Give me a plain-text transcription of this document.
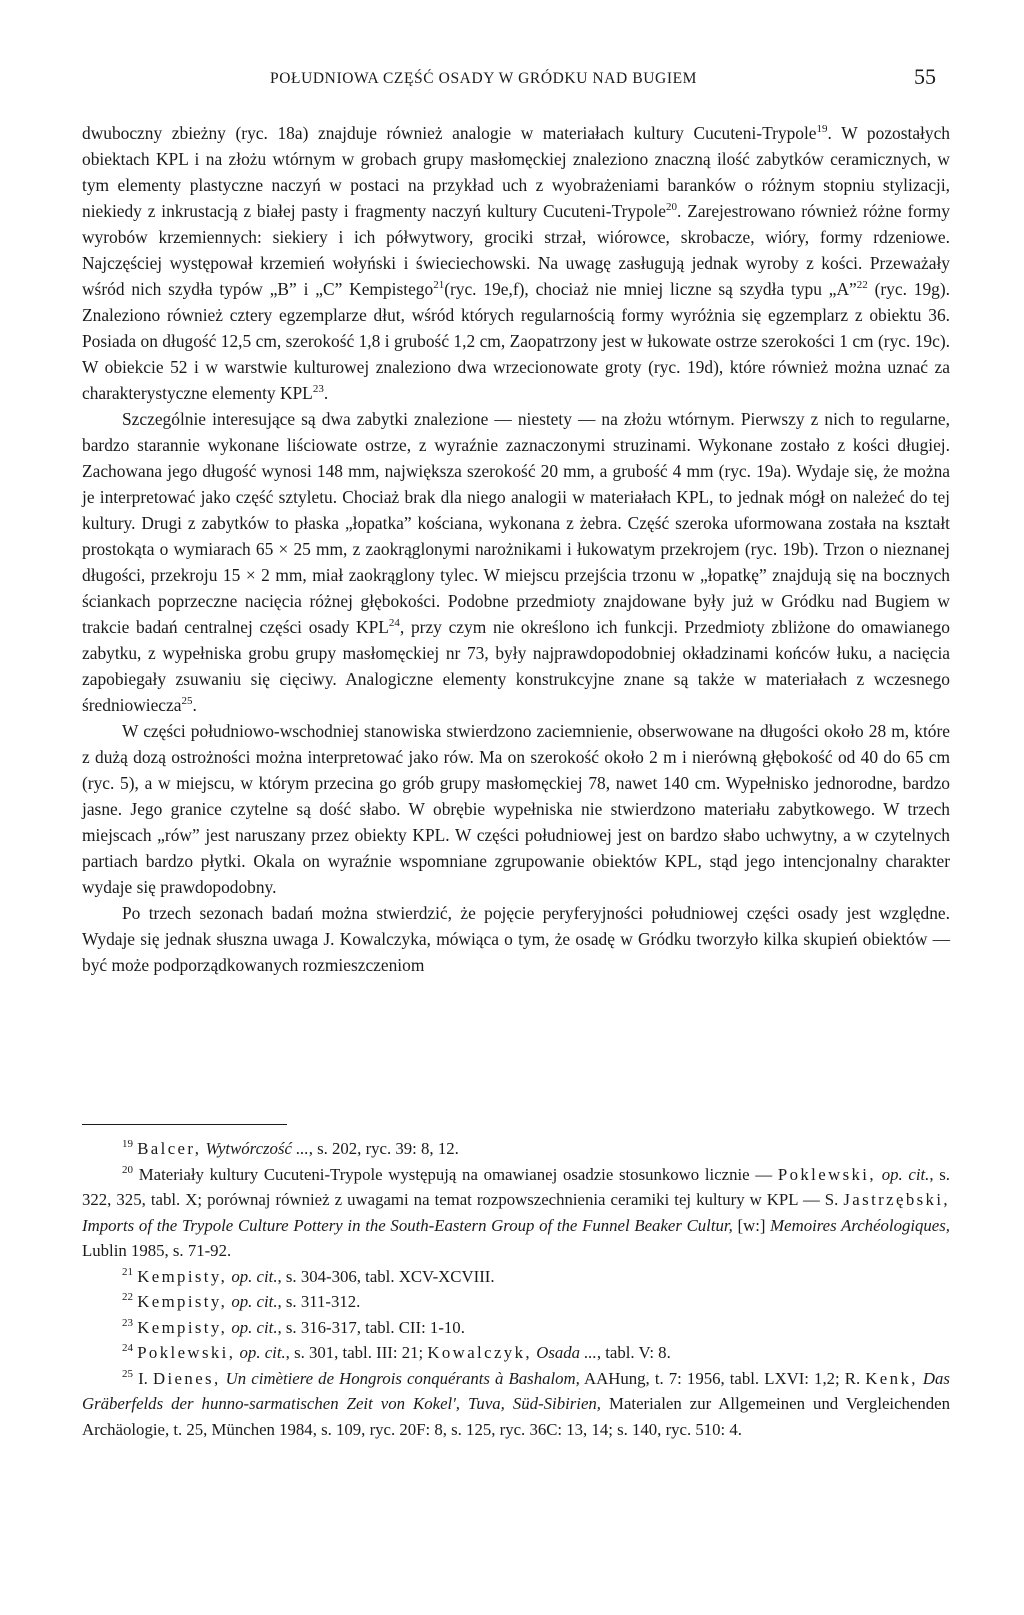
POŁUDNIOWA CZĘŚĆ OSADY W GRÓDKU NAD BUGIEM	55

dwuboczny zbieżny (ryc. 18a) znajduje również analogie w materiałach kultury Cucuteni-Trypole$^{19}$. W pozostałych obiektach KPL i na złożu wtórnym w grobach grupy masłomęckiej znaleziono znaczną ilość zabytków ceramicznych, w tym elementy plastyczne naczyń w postaci na przykład uch z wyobrażeniami baranków o różnym stopniu stylizacji, niekiedy z inkrustacją z białej pasty i fragmenty naczyń kultury Cucuteni-Trypole$^{20}$. Zarejestrowano również różne formy wyrobów krzemiennych: siekiery i ich półwytwory, grociki strzał, wiórowce, skrobacze, wióry, formy rdzeniowe. Najczęściej występował krzemień wołyński i świeciechowski. Na uwagę zasługują jednak wyroby z kości. Przeważały wśród nich szydła typów „B” i „C” Kempistego$^{21}$(ryc. 19e,f), chociaż nie mniej liczne są szydła typu „A”$^{22}$ (ryc. 19g). Znaleziono również cztery egzemplarze dłut, wśród których regularnością formy wyróżnia się egzemplarz z obiektu 36. Posiada on długość 12,5 cm, szerokość 1,8 i grubość 1,2 cm, Zaopatrzony jest w łukowate ostrze szerokości 1 cm (ryc. 19c). W obiekcie 52 i w warstwie kulturowej znaleziono dwa wrzecionowate groty (ryc. 19d), które również można uznać za charakterystyczne elementy KPL$^{23}$.

Szczególnie interesujące są dwa zabytki znalezione — niestety — na złożu wtórnym. Pierwszy z nich to regularne, bardzo starannie wykonane liściowate ostrze, z wyraźnie zaznaczonymi struzinami. Wykonane zostało z kości długiej. Zachowana jego długość wynosi 148 mm, największa szerokość 20 mm, a grubość 4 mm (ryc. 19a). Wydaje się, że można je interpretować jako część sztyletu. Chociaż brak dla niego analogii w materiałach KPL, to jednak mógł on należeć do tej kultury. Drugi z zabytków to płaska „łopatka” kościana, wykonana z żebra. Część szeroka uformowana została na kształt prostokąta o wymiarach 65 × 25 mm, z zaokrąglonymi narożnikami i łukowatym przekrojem (ryc. 19b). Trzon o nieznanej długości, przekroju 15 × 2 mm, miał zaokrąglony tylec. W miejscu przejścia trzonu w „łopatkę” znajdują się na bocznych ściankach poprzeczne nacięcia różnej głębokości. Podobne przedmioty znajdowane były już w Gródku nad Bugiem w trakcie badań centralnej części osady KPL$^{24}$, przy czym nie określono ich funkcji. Przedmioty zbliżone do omawianego zabytku, z wypełniska grobu grupy masłomęckiej nr 73, były najprawdopodobniej okładzinami końców łuku, a nacięcia zapobiegały zsuwaniu się cięciwy. Analogiczne elementy konstrukcyjne znane są także w materiałach z wczesnego średniowiecza$^{25}$.

W części południowo-wschodniej stanowiska stwierdzono zaciemnienie, obserwowane na długości około 28 m, które z dużą dozą ostrożności można interpretować jako rów. Ma on szerokość około 2 m i nierówną głębokość od 40 do 65 cm (ryc. 5), a w miejscu, w którym przecina go grób grupy masłomęckiej 78, nawet 140 cm. Wypełnisko jednorodne, bardzo jasne. Jego granice czytelne są dość słabo. W obrębie wypełniska nie stwierdzono materiału zabytkowego. W trzech miejscach „rów” jest naruszany przez obiekty KPL. W części południowej jest on bardzo słabo uchwytny, a w czytelnych partiach bardzo płytki. Okala on wyraźnie wspomniane zgrupowanie obiektów KPL, stąd jego intencjonalny charakter wydaje się prawdopodobny.

Po trzech sezonach badań można stwierdzić, że pojęcie peryferyjności południowej części osady jest względne. Wydaje się jednak słuszna uwaga J. Kowalczyka, mówiąca o tym, że osadę w Gródku tworzyło kilka skupień obiektów — być może podporządkowanych rozmieszczeniom

$^{19}$ Balcer, Wytwórczość ..., s. 202, ryc. 39: 8, 12.

$^{20}$ Materiały kultury Cucuteni-Trypole występują na omawianej osadzie stosunkowo licznie — Poklewski, op. cit., s. 322, 325, tabl. X; porównaj również z uwagami na temat rozpowszechnienia ceramiki tej kultury w KPL — S. Jastrzębski, Imports of the Trypole Culture Pottery in the South-Eastern Group of the Funnel Beaker Cultur, [w:] Memoires Archéologiques, Lublin 1985, s. 71-92.

$^{21}$ Kempisty, op. cit., s. 304-306, tabl. XCV-XCVIII.

$^{22}$ Kempisty, op. cit., s. 311-312.

$^{23}$ Kempisty, op. cit., s. 316-317, tabl. CII: 1-10.

$^{24}$ Poklewski, op. cit., s. 301, tabl. III: 21; Kowalczyk, Osada ..., tabl. V: 8.

$^{25}$ I. Dienes, Un cimètiere de Hongrois conquérants à Bashalom, AAHung, t. 7: 1956, tabl. LXVI: 1,2; R. Kenk, Das Gräberfelds der hunno-sarmatischen Zeit von Kokel', Tuva, Süd-Sibirien, Materialen zur Allgemeinen und Vergleichenden Archäologie, t. 25, München 1984, s. 109, ryc. 20F: 8, s. 125, ryc. 36C: 13, 14; s. 140, ryc. 510: 4.
